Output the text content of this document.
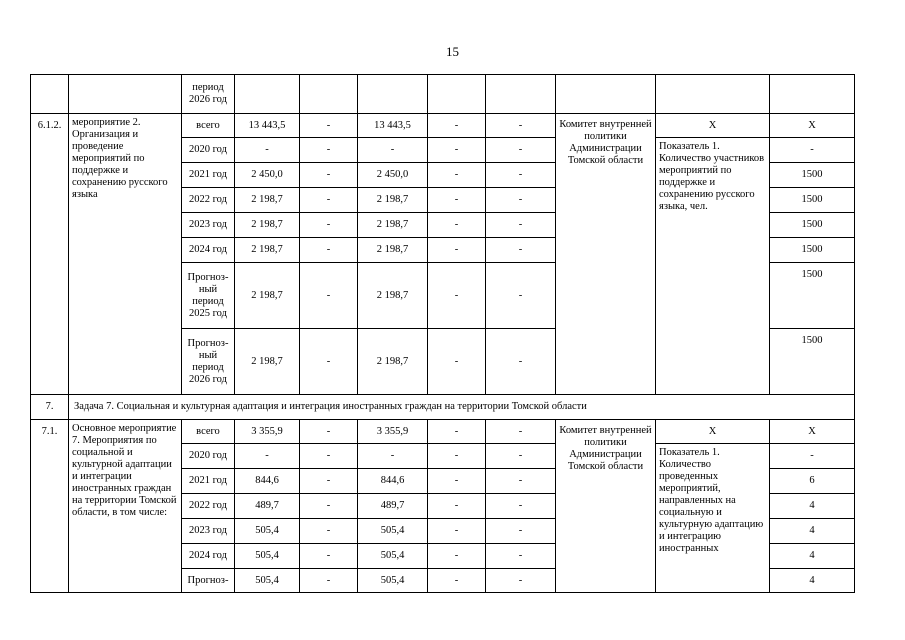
15
		период 2026 год								
6.1.2.	мероприятие 2. Организация и проведение мероприятий по поддержке и сохранению русского языка	всего	13 443,5	-	13 443,5	-	-	Комитет внутренней политики Администрации Томской области	X	X
		2020 год	-	-	-	-	-		Показатель 1. Количество участников мероприятий по поддержке и сохранению русского языка, чел.	-
		2021 год	2 450,0	-	2 450,0	-	-			1500
		2022 год	2 198,7	-	2 198,7	-	-			1500
		2023 год	2 198,7	-	2 198,7	-	-			1500
		2024 год	2 198,7	-	2 198,7	-	-			1500
		Прогноз- ный период 2025 год	2 198,7	-	2 198,7	-	-			1500
		Прогноз- ный период 2026 год	2 198,7	-	2 198,7	-	-			1500
7.	Задача 7. Социальная и культурная адаптация и интеграция иностранных граждан на территории Томской области									
7.1.	Основное мероприятие 7. Мероприятия по социальной и культурной адаптации и интеграции иностранных граждан на территории Томской области, в том числе:	всего	3 355,9	-	3 355,9	-	-	Комитет внутренней политики Администрации Томской области	X	X
		2020 год	-	-	-	-	-		Показатель 1. Количество проведенных мероприятий, направленных на социальную и культурную адаптацию и интеграцию иностранных	-
		2021 год	844,6	-	844,6	-	-			6
		2022 год	489,7	-	489,7	-	-			4
		2023 год	505,4	-	505,4	-	-			4
		2024 год	505,4	-	505,4	-	-			4
		Прогноз-	505,4	-	505,4	-	-			4
